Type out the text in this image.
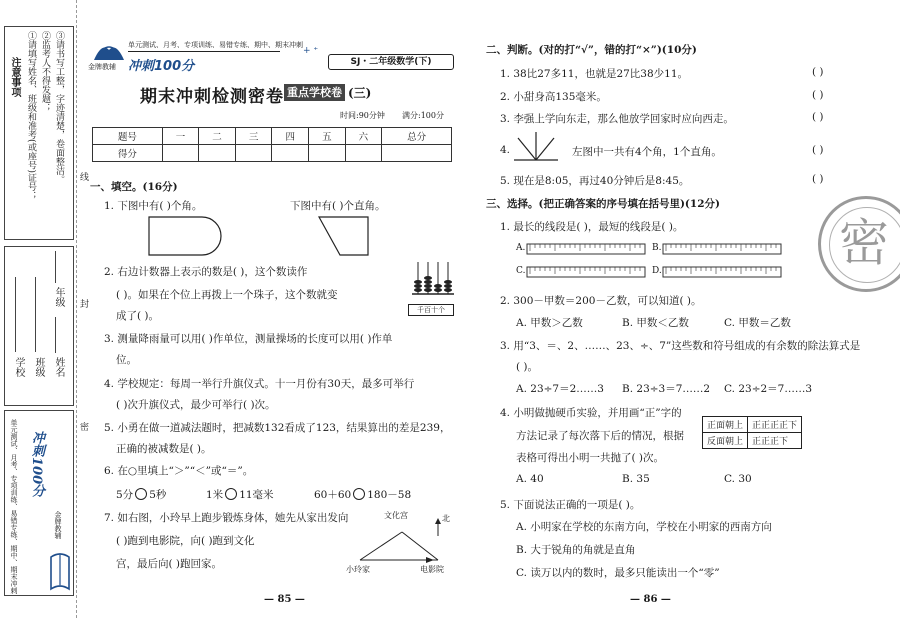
注意事项 ①请填写姓名、班级和准考(或座号)证号； ②监考人不得发题； ③请书写工整，字迹清楚，卷面整洁。
学校 班级
年级
姓名
单元测试、月考、专项训练、易错专练、期中、期末冲刺 冲刺100分
金牌教辅
线
封
密
金牌教辅
单元测试、月考、专项训练、易错专练、期中、期末冲刺
冲刺100分
+ ⁺
SJ・二年级数学(下)
期末冲刺检测密卷 重点学校卷 (三)
时间:90分钟 满分:100分
题号	一	二	三	四	五	六	总分
得分							
一、填空。(16分)
1. 下图中有( )个角。	下图中有( )个直角。
2. 右边计数器上表示的数是( )，这个数读作
( )。如果在个位上再拨上一个珠子，这个数就变
成了( )。	千百十个
3. 测量降雨量可以用( )作单位，测量操场的长度可以用( )作单
位。
4. 学校规定：每周一举行升旗仪式。十一月份有30天，最多可举行
( )次升旗仪式，最少可举行( )次。
5. 小勇在做一道减法题时，把减数132看成了123，结果算出的差是239，
正确的被减数是( )。
6. 在○里填上“＞”“＜”或“＝”。
5分 5秒	1米 11毫米	60＋60 180－58
7. 如右图，小玲早上跑步锻炼身体，她先从家出发向
( )跑到电影院，向( )跑到文化
宫，最后向( )跑回家。
文化宫
小玲家	电影院
北
— 85 —
二、判断。(对的打“√”，错的打“×”)(10分)
1. 38比27多11，也就是27比38少11。	( )
2. 小甜身高135毫米。	( )
3. 李强上学向东走，那么他放学回家时应向西走。	( )
4.	左图中一共有4个角，1个直角。	( )
5. 现在是8:05，再过40分钟后是8:45。	( )
三、选择。(把正确答案的序号填在括号里)(12分)
1. 最长的线段是( )，最短的线段是( )。
A.	B.
C.	D.
2. 300－甲数＝200－乙数，可以知道( )。
A. 甲数＞乙数	B. 甲数＜乙数	C. 甲数＝乙数
3. 用“3、＝、2、……、23、÷、7”这些数和符号组成的有余数的除法算式是
( )。
A. 23÷7＝2……3 B. 23÷3＝7……2 C. 23÷2＝7……3
4. 小明做抛硬币实验，并用画“正”字的
方法记录了每次落下后的情况，根据
表格可得出小明一共抛了( )次。
正面朝上	正正正正下
反面朝上	正正正下
A. 40	B. 35	C. 30
5. 下面说法正确的一项是( )。
A. 小明家在学校的东南方向，学校在小明家的西南方向
B. 大于锐角的角就是直角
C. 读万以内的数时，最多只能读出一个“零”
— 86 —
密
